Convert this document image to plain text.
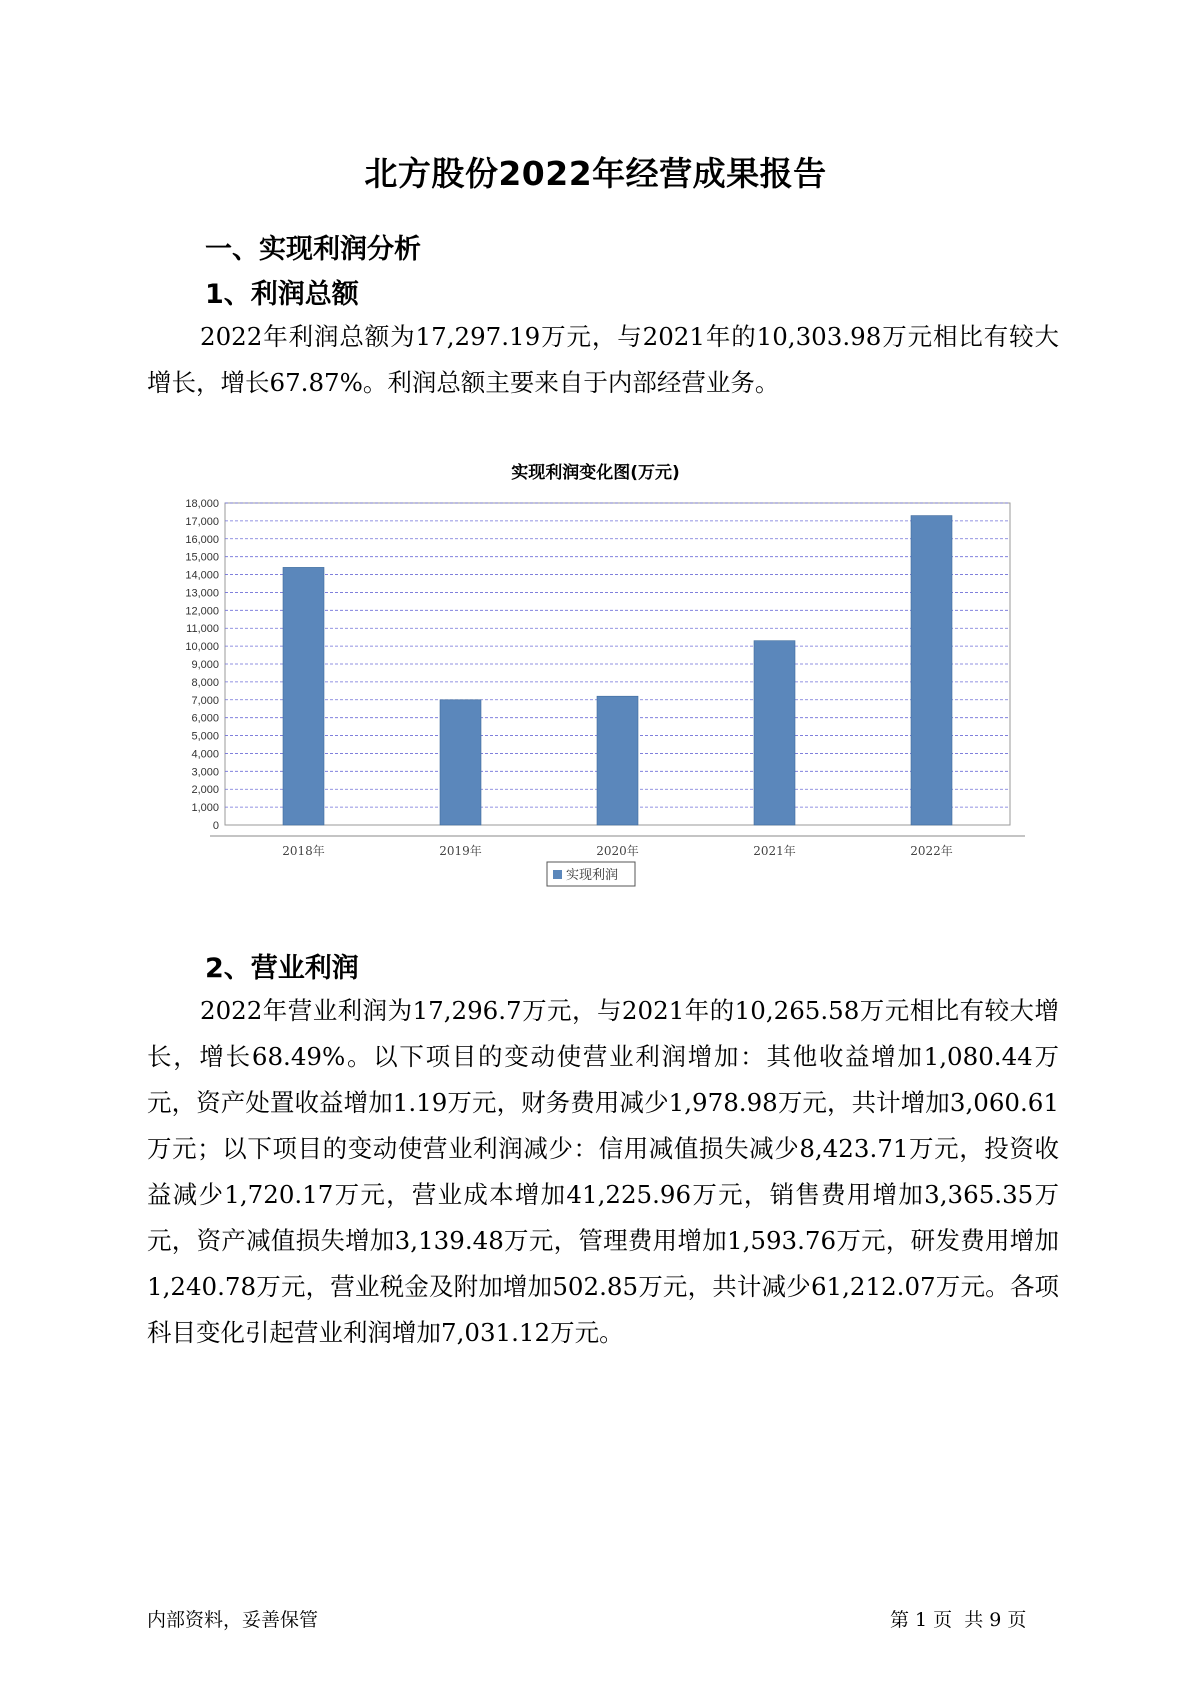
北方股份2022年经营成果报告
一、实现利润分析
1、利润总额

2022年利润总额为17,297.19万元，与2021年的10,303.98万元相比有较大增长，增长67.87%。利润总额主要来自于内部经营业务。

实现利润变化图(万元)
0
1,000
2,000
3,000
4,000
5,000
6,000
7,000
8,000
9,000
10,000
11,000
12,000
13,000
14,000
15,000
16,000
17,000
18,000
2018年	2019年	2020年	2021年	2022年
实现利润
2、营业利润

2022年营业利润为17,296.7万元，与2021年的10,265.58万元相比有较大增长，增长68.49%。以下项目的变动使营业利润增加：其他收益增加1,080.44万元，资产处置收益增加1.19万元，财务费用减少1,978.98万元，共计增加3,060.61万元；以下项目的变动使营业利润减少：信用减值损失减少8,423.71万元，投资收益减少1,720.17万元，营业成本增加41,225.96万元，销售费用增加3,365.35万元，资产减值损失增加3,139.48万元，管理费用增加1,593.76万元，研发费用增加1,240.78万元，营业税金及附加增加502.85万元，共计减少61,212.07万元。各项科目变化引起营业利润增加7,031.12万元。

内部资料，妥善保管	第 1 页  共 9 页
